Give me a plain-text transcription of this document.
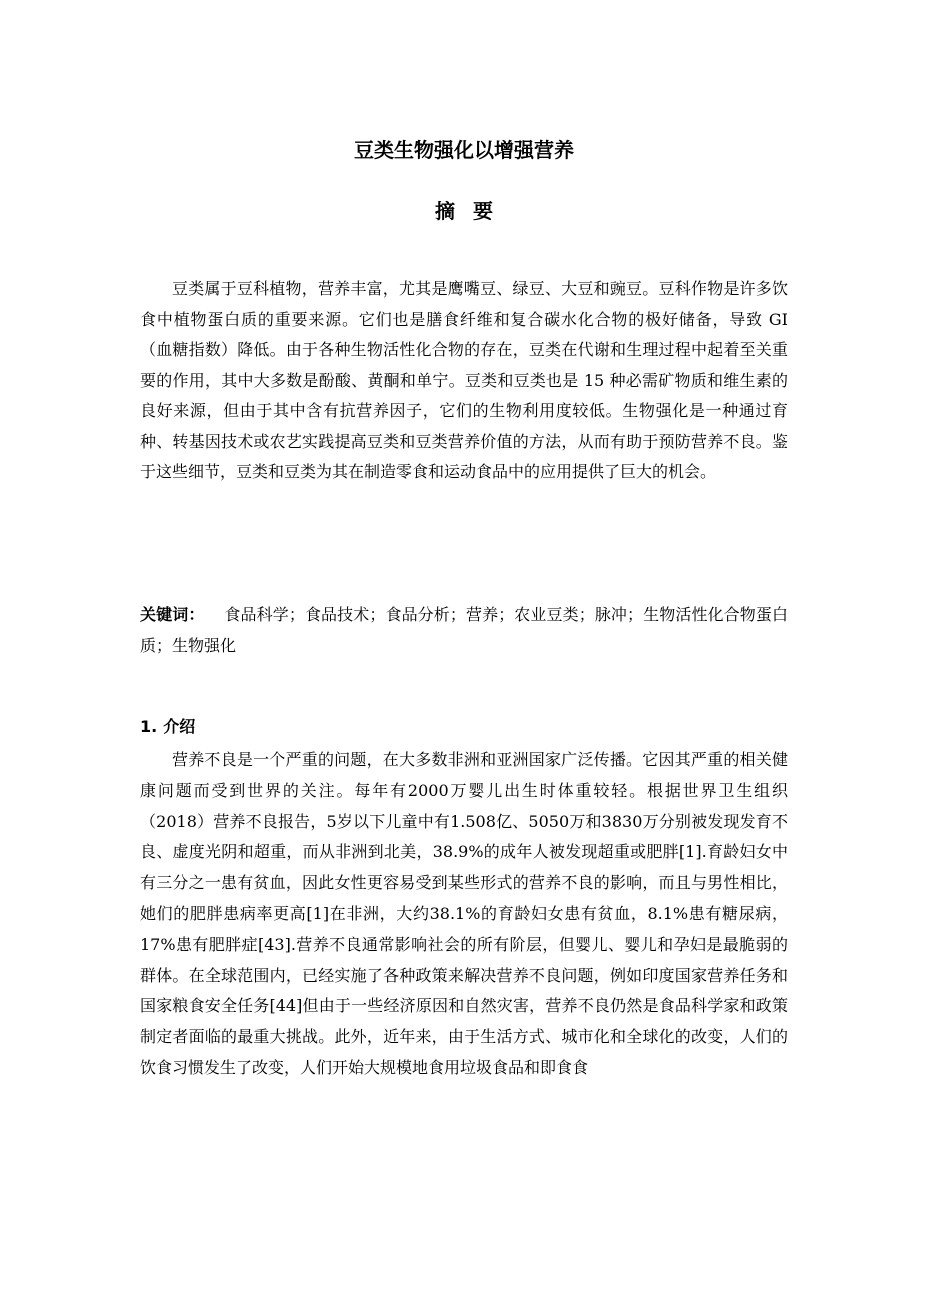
豆类生物强化以增强营养
摘要

豆类属于豆科植物，营养丰富，尤其是鹰嘴豆、绿豆、大豆和豌豆。豆科作物是许多饮食中植物蛋白质的重要来源。它们也是膳食纤维和复合碳水化合物的极好储备，导致 GI（血糖指数）降低。由于各种生物活性化合物的存在，豆类在代谢和生理过程中起着至关重要的作用，其中大多数是酚酸、黄酮和单宁。豆类和豆类也是 15 种必需矿物质和维生素的良好来源，但由于其中含有抗营养因子，它们的生物利用度较低。生物强化是一种通过育种、转基因技术或农艺实践提高豆类和豆类营养价值的方法，从而有助于预防营养不良。鉴于这些细节，豆类和豆类为其在制造零食和运动食品中的应用提供了巨大的机会。

关键词： 食品科学；食品技术；食品分析；营养；农业豆类；脉冲；生物活性化合物蛋白质；生物强化

1. 介绍

营养不良是一个严重的问题，在大多数非洲和亚洲国家广泛传播。它因其严重的相关健康问题而受到世界的关注。每年有2000万婴儿出生时体重较轻。根据世界卫生组织（2018）营养不良报告，5岁以下儿童中有1.508亿、5050万和3830万分别被发现发育不良、虚度光阴和超重，而从非洲到北美，38.9%的成年人被发现超重或肥胖[1].育龄妇女中有三分之一患有贫血，因此女性更容易受到某些形式的营养不良的影响，而且与男性相比，她们的肥胖患病率更高[1]在非洲，大约38.1%的育龄妇女患有贫血，8.1%患有糖尿病，17%患有肥胖症[43].营养不良通常影响社会的所有阶层，但婴儿、婴儿和孕妇是最脆弱的群体。在全球范围内，已经实施了各种政策来解决营养不良问题，例如印度国家营养任务和国家粮食安全任务[44]但由于一些经济原因和自然灾害，营养不良仍然是食品科学家和政策制定者面临的最重大挑战。此外，近年来，由于生活方式、城市化和全球化的改变，人们的饮食习惯发生了改变，人们开始大规模地食用垃圾食品和即食食
